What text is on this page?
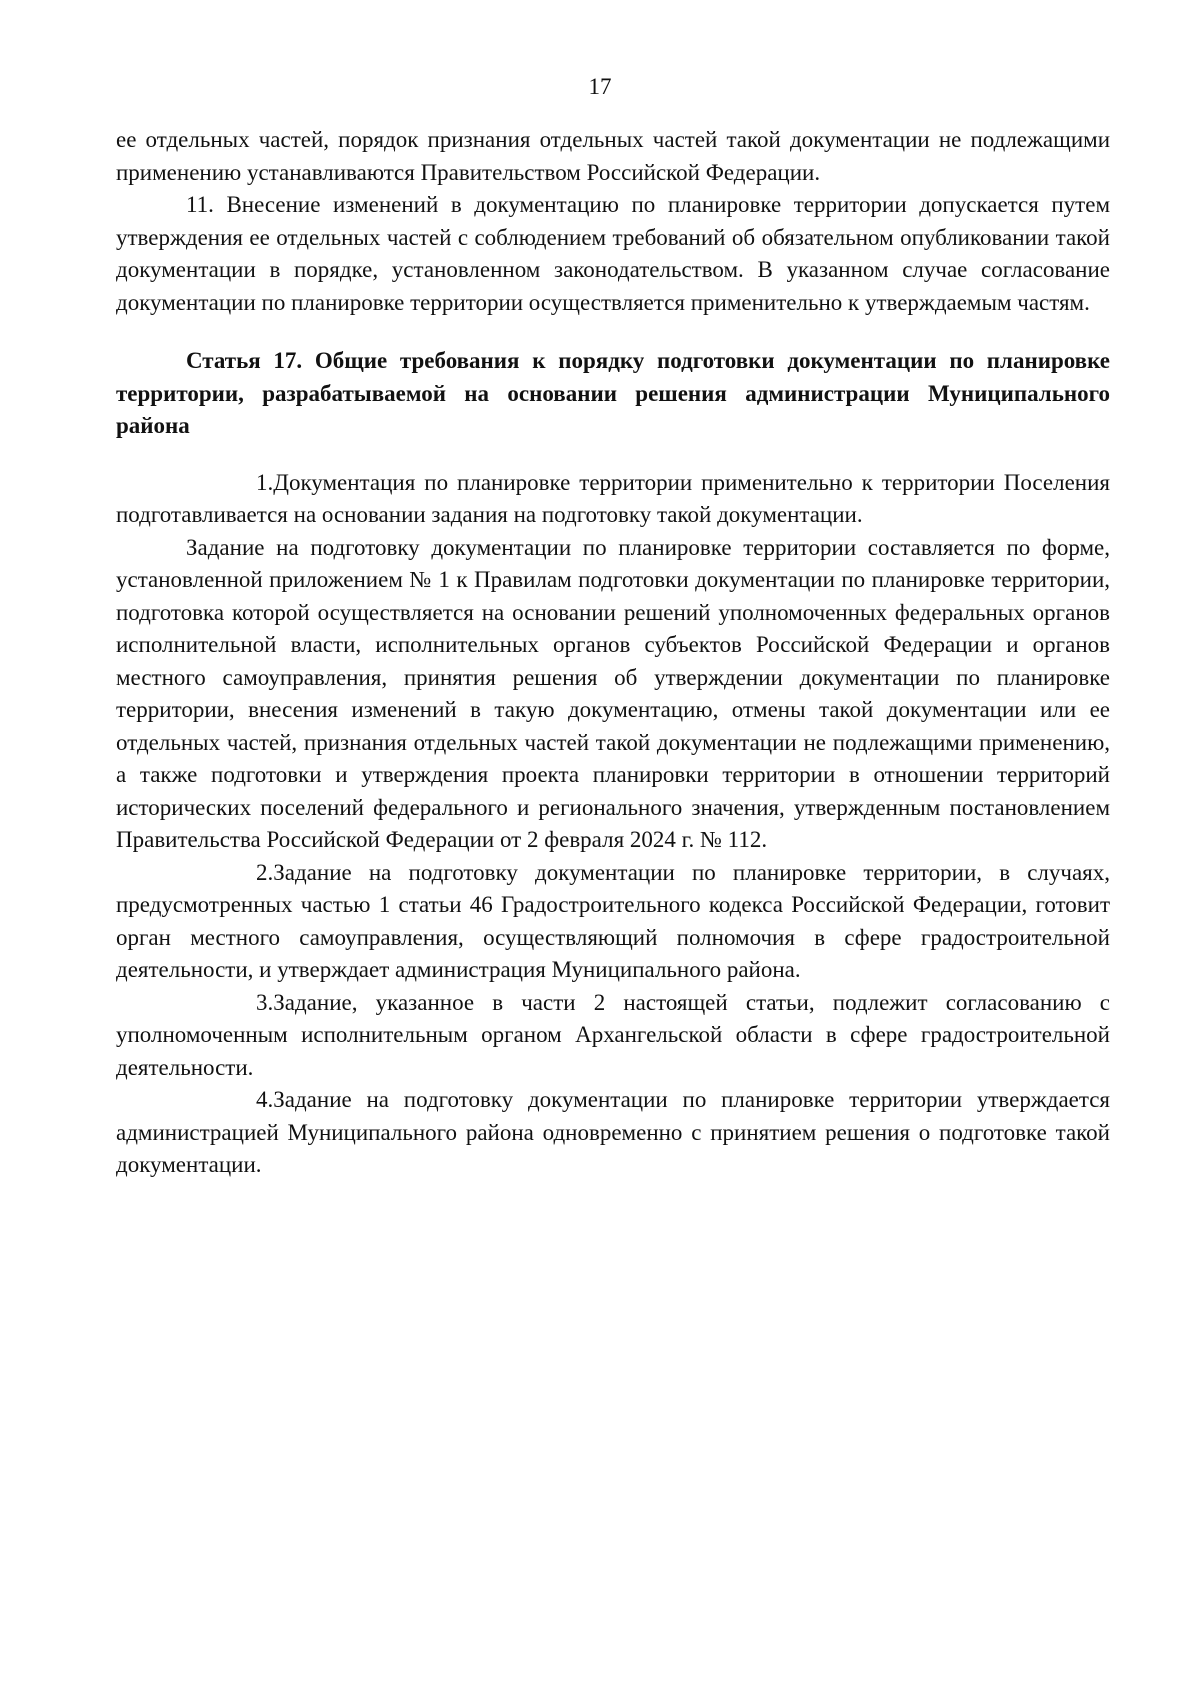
17

ее отдельных частей, порядок признания отдельных частей такой документации не подлежащими применению устанавливаются Правительством Российской Федерации.

11. Внесение изменений в документацию по планировке территории допускается путем утверждения ее отдельных частей с соблюдением требований об обязательном опубликовании такой документации в порядке, установленном законодательством. В указанном случае согласование документации по планировке территории осуществляется применительно к утверждаемым частям.

Статья 17. Общие требования к порядку подготовки документации по планировке территории, разрабатываемой на основании решения администрации Муниципального района

1.Документация по планировке территории применительно к территории Поселения подготавливается на основании задания на подготовку такой документации.

Задание на подготовку документации по планировке территории составляется по форме, установленной приложением № 1 к Правилам подготовки документации по планировке территории, подготовка которой осуществляется на основании решений уполномоченных федеральных органов исполнительной власти, исполнительных органов субъектов Российской Федерации и органов местного самоуправления, принятия решения об утверждении документации по планировке территории, внесения изменений в такую документацию, отмены такой документации или ее отдельных частей, признания отдельных частей такой документации не подлежащими применению, а также подготовки и утверждения проекта планировки территории в отношении территорий исторических поселений федерального и регионального значения, утвержденным постановлением Правительства Российской Федерации от 2 февраля 2024 г. № 112.

2.Задание на подготовку документации по планировке территории, в случаях, предусмотренных частью 1 статьи 46 Градостроительного кодекса Российской Федерации, готовит орган местного самоуправления, осуществляющий полномочия в сфере градостроительной деятельности, и утверждает администрация Муниципального района.

3.Задание, указанное в части 2 настоящей статьи, подлежит согласованию с уполномоченным исполнительным органом Архангельской области в сфере градостроительной деятельности.

4.Задание на подготовку документации по планировке территории утверждается администрацией Муниципального района одновременно с принятием решения о подготовке такой документации.
